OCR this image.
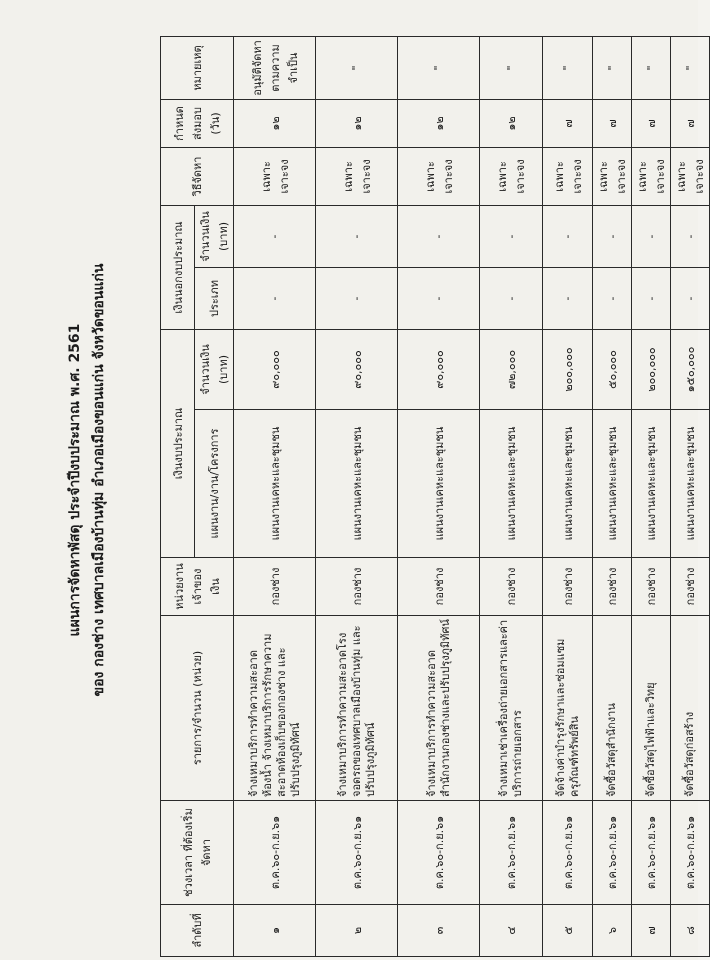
แผนการจัดหาพัสดุ ประจำปีงบประมาณ พ.ศ. 2561 ของ กองช่าง เทศบาลเมืองบ้านทุ่ม อำเภอเมืองขอนแก่น จังหวัดขอนแก่น
ลำดับที่	ช่วงเวลา ที่ต้องเริ่มจัดหา	รายการ/จำนวน (หน่วย)	หน่วยงาน เจ้าของเงิน	เงินงบประมาณ		เงินนอกงบประมาณ		วิธีจัดหา	กำหนด ส่งมอบ (วัน)	หมายเหตุ
				แผนงาน/งาน/โครงการ	จำนวนเงิน (บาท)	ประเภท	จำนวนเงิน (บาท)			
๑	ต.ค.๖๐-ก.ย.๖๑	จ้างเหมาบริการทำความสะอาดห้องน้ำ จ้างเหมาบริการรักษาความสะอาดห้องเก็บของกองช่าง และปรับปรุงภูมิทัศน์	กองช่าง	แผนงานเคหะและชุมชน	๙๐,๐๐๐	-	-	เฉพาะเจาะจง	๑๒	อนุมัติจัดหาตามความจำเป็น
๒	ต.ค.๖๐-ก.ย.๖๑	จ้างเหมาบริการทำความสะอาดโรงจอดรถของเทศบาลเมืองบ้านทุ่ม และปรับปรุงภูมิทัศน์	กองช่าง	แผนงานเคหะและชุมชน	๙๐,๐๐๐	-	-	เฉพาะเจาะจง	๑๒	"
๓	ต.ค.๖๐-ก.ย.๖๑	จ้างเหมาบริการทำความสะอาด สำนักงานกองช่างและปรับปรุงภูมิทัศน์	กองช่าง	แผนงานเคหะและชุมชน	๙๐,๐๐๐	-	-	เฉพาะเจาะจง	๑๒	"
๔	ต.ค.๖๐-ก.ย.๖๑	จ้างเหมาเช่าเครื่องถ่ายเอกสารและค่าบริการถ่ายเอกสาร	กองช่าง	แผนงานเคหะและชุมชน	๗๒,๐๐๐	-	-	เฉพาะเจาะจง	๑๒	"
๕	ต.ค.๖๐-ก.ย.๖๑	จัดจ้างค่าบำรุงรักษาและซ่อมแซมครุภัณฑ์ทรัพย์สิน	กองช่าง	แผนงานเคหะและชุมชน	๒๐๐,๐๐๐	-	-	เฉพาะเจาะจง	๗	"
๖	ต.ค.๖๐-ก.ย.๖๑	จัดซื้อวัสดุสำนักงาน	กองช่าง	แผนงานเคหะและชุมชน	๕๐,๐๐๐	-	-	เฉพาะเจาะจง	๗	"
๗	ต.ค.๖๐-ก.ย.๖๑	จัดซื้อวัสดุไฟฟ้าและวิทยุ	กองช่าง	แผนงานเคหะและชุมชน	๒๐๐,๐๐๐	-	-	เฉพาะเจาะจง	๗	"
๘	ต.ค.๖๐-ก.ย.๖๑	จัดซื้อวัสดุก่อสร้าง	กองช่าง	แผนงานเคหะและชุมชน	๑๕๐,๐๐๐	-	-	เฉพาะเจาะจง	๗	"
